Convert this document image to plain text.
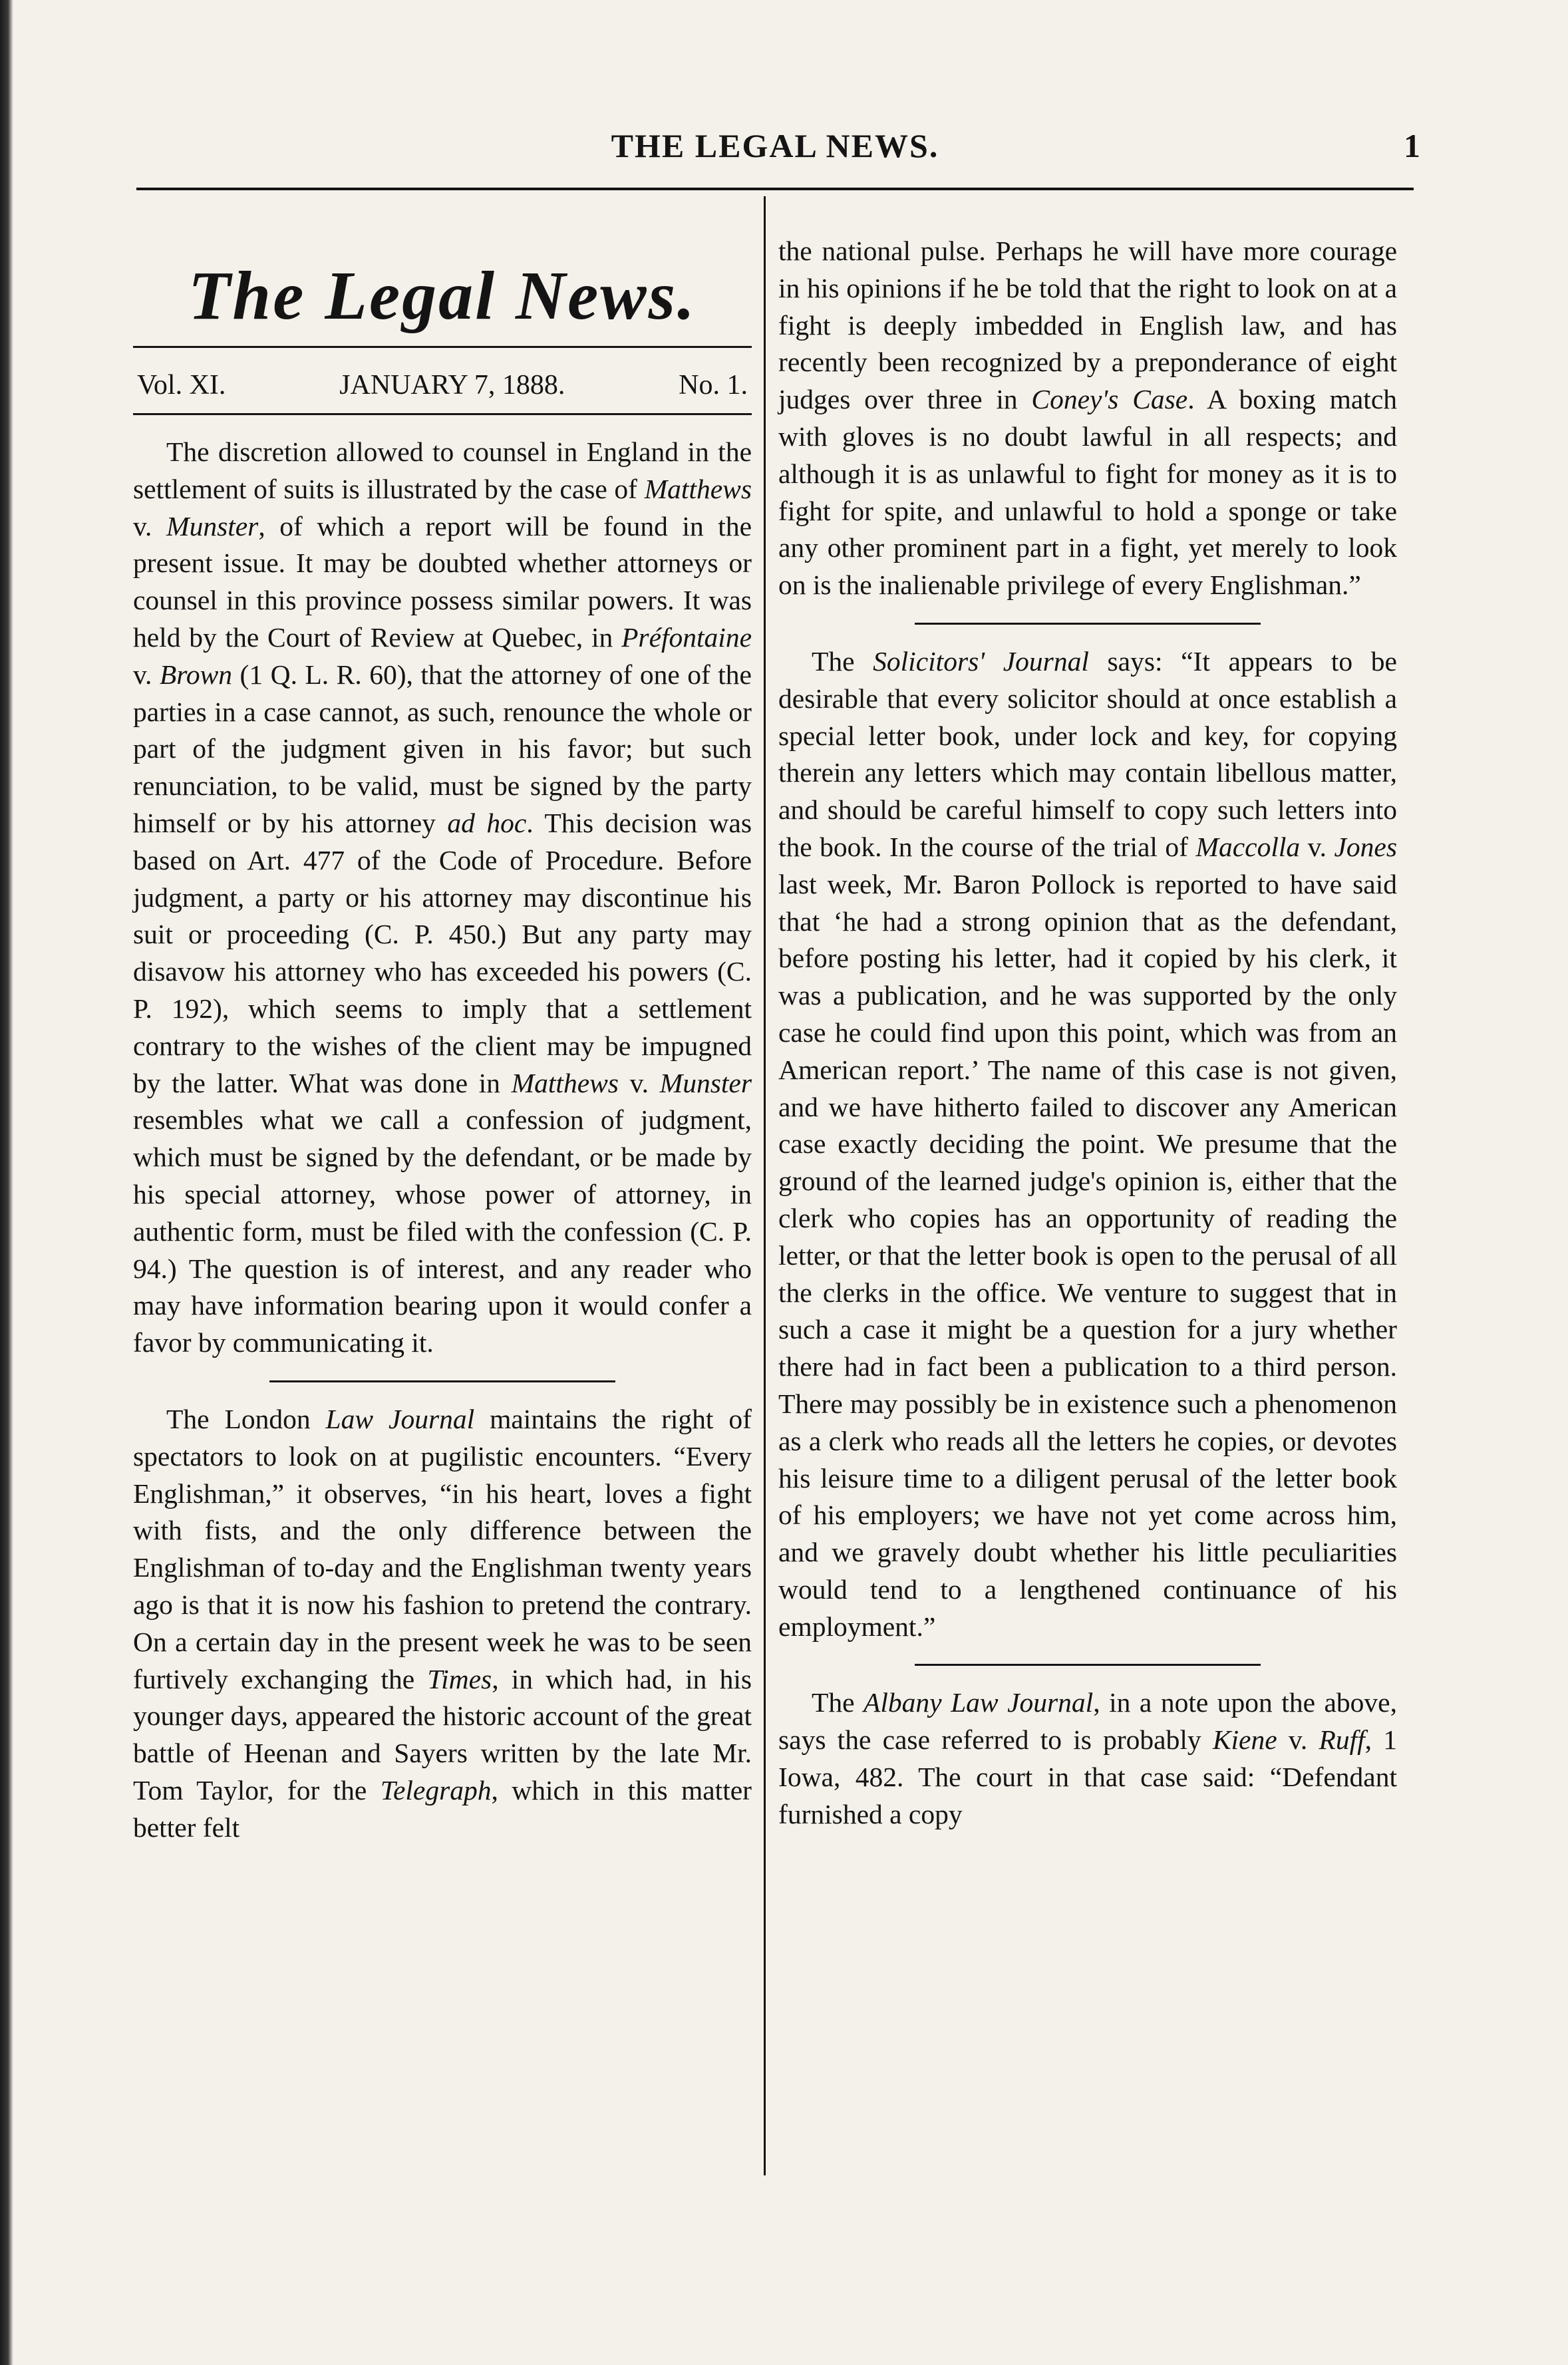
THE LEGAL NEWS.	1
The Legal News.
Vol. XI.	JANUARY 7, 1888.	No. 1.

The discretion allowed to counsel in England in the settlement of suits is illustrated by the case of Matthews v. Munster, of which a report will be found in the present issue. It may be doubted whether attorneys or counsel in this province possess similar powers. It was held by the Court of Review at Quebec, in Préfontaine v. Brown (1 Q. L. R. 60), that the attorney of one of the parties in a case cannot, as such, renounce the whole or part of the judgment given in his favor; but such renunciation, to be valid, must be signed by the party himself or by his attorney ad hoc. This decision was based on Art. 477 of the Code of Procedure. Before judgment, a party or his attorney may discontinue his suit or proceeding (C. P. 450.) But any party may disavow his attorney who has exceeded his powers (C. P. 192), which seems to imply that a settlement contrary to the wishes of the client may be impugned by the latter. What was done in Matthews v. Munster resembles what we call a confession of judgment, which must be signed by the defendant, or be made by his special attorney, whose power of attorney, in authentic form, must be filed with the confession (C. P. 94.) The question is of interest, and any reader who may have information bearing upon it would confer a favor by communicating it.

The London Law Journal maintains the right of spectators to look on at pugilistic encounters. “Every Englishman,” it observes, “in his heart, loves a fight with fists, and the only difference between the Englishman of to-day and the Englishman twenty years ago is that it is now his fashion to pretend the contrary. On a certain day in the present week he was to be seen furtively exchanging the Times, in which had, in his younger days, appeared the historic account of the great battle of Heenan and Sayers written by the late Mr. Tom Taylor, for the Telegraph, which in this matter better felt

the national pulse. Perhaps he will have more courage in his opinions if he be told that the right to look on at a fight is deeply imbedded in English law, and has recently been recognized by a preponderance of eight judges over three in Coney's Case. A boxing match with gloves is no doubt lawful in all respects; and although it is as unlawful to fight for money as it is to fight for spite, and unlawful to hold a sponge or take any other prominent part in a fight, yet merely to look on is the inalienable privilege of every Englishman.”

The Solicitors' Journal says: “It appears to be desirable that every solicitor should at once establish a special letter book, under lock and key, for copying therein any letters which may contain libellous matter, and should be careful himself to copy such letters into the book. In the course of the trial of Maccolla v. Jones last week, Mr. Baron Pollock is reported to have said that ‘he had a strong opinion that as the defendant, before posting his letter, had it copied by his clerk, it was a publication, and he was supported by the only case he could find upon this point, which was from an American report.’ The name of this case is not given, and we have hitherto failed to discover any American case exactly deciding the point. We presume that the ground of the learned judge's opinion is, either that the clerk who copies has an opportunity of reading the letter, or that the letter book is open to the perusal of all the clerks in the office. We venture to suggest that in such a case it might be a question for a jury whether there had in fact been a publication to a third person. There may possibly be in existence such a phenomenon as a clerk who reads all the letters he copies, or devotes his leisure time to a diligent perusal of the letter book of his employers; we have not yet come across him, and we gravely doubt whether his little peculiarities would tend to a lengthened continuance of his employment.”

The Albany Law Journal, in a note upon the above, says the case referred to is probably Kiene v. Ruff, 1 Iowa, 482. The court in that case said: “Defendant furnished a copy
